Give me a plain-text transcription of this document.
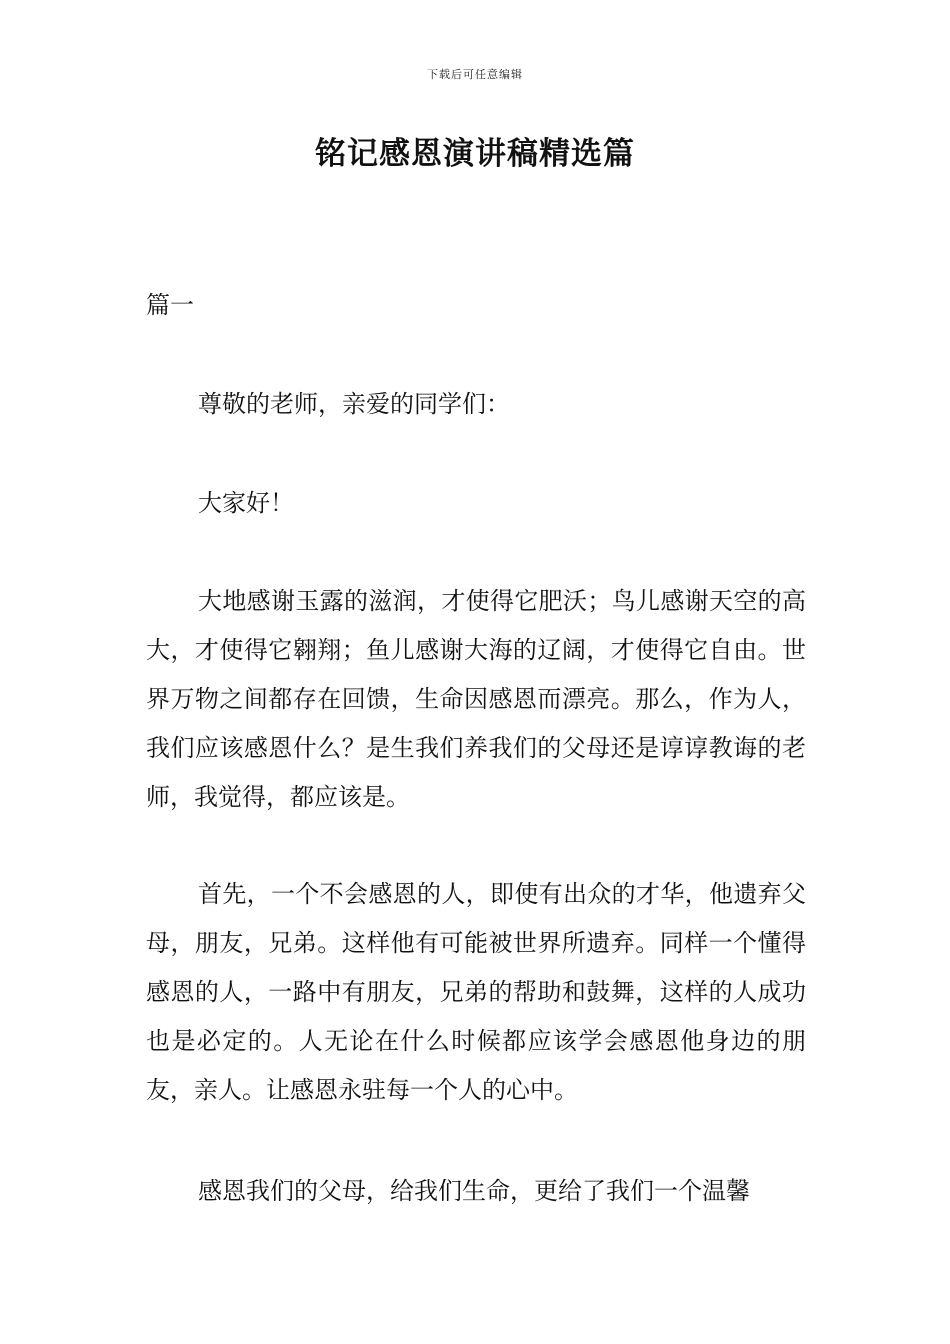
下载后可任意编辑
铭记感恩演讲稿精选篇

篇一

尊敬的老师，亲爱的同学们：

大家好！

大地感谢玉露的滋润，才使得它肥沃；鸟儿感谢天空的高大，才使得它翱翔；鱼儿感谢大海的辽阔，才使得它自由。世界万物之间都存在回馈，生命因感恩而漂亮。那么，作为人，我们应该感恩什么？是生我们养我们的父母还是谆谆教诲的老师，我觉得，都应该是。

首先，一个不会感恩的人，即使有出众的才华，他遗弃父母，朋友，兄弟。这样他有可能被世界所遗弃。同样一个懂得感恩的人，一路中有朋友，兄弟的帮助和鼓舞，这样的人成功也是必定的。人无论在什么时候都应该学会感恩他身边的朋友，亲人。让感恩永驻每一个人的心中。

感恩我们的父母，给我们生命，更给了我们一个温馨
